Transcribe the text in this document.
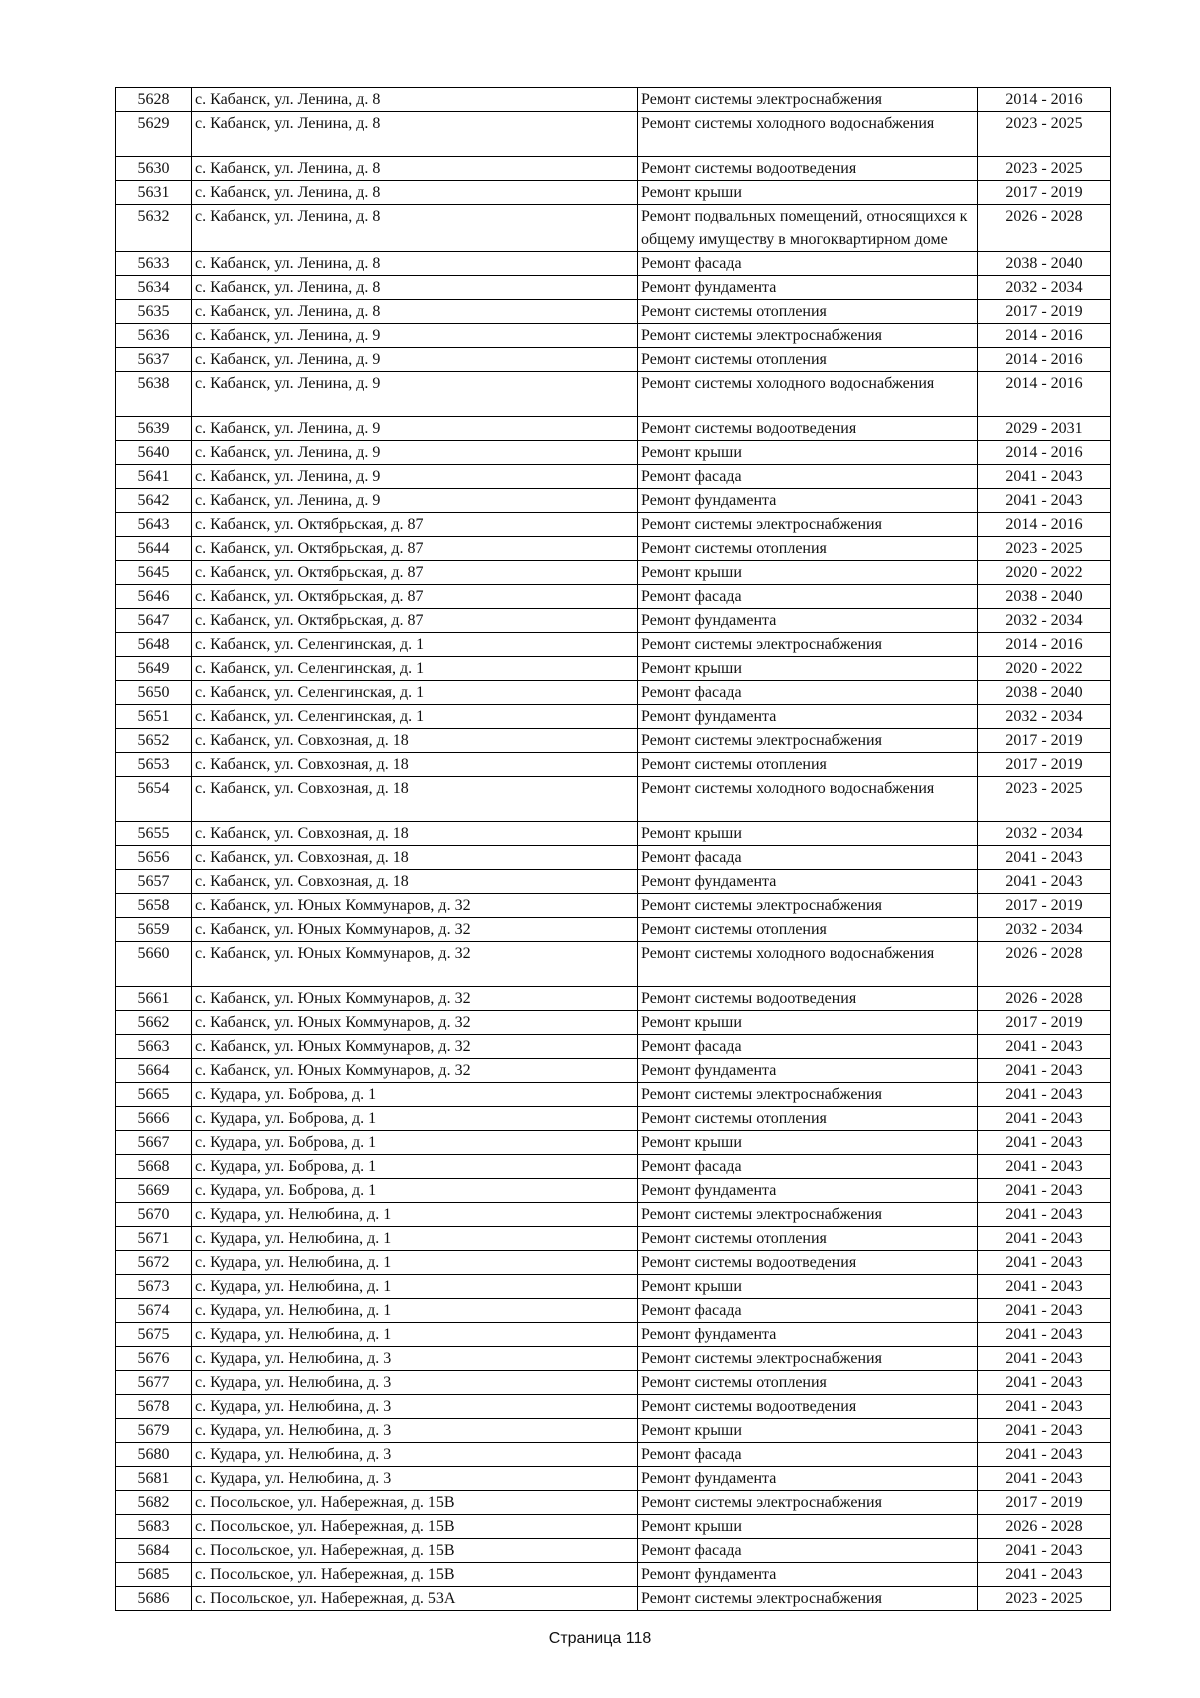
5628	с. Кабанск, ул. Ленина, д. 8	Ремонт системы электроснабжения	2014 - 2016
5629	с. Кабанск, ул. Ленина, д. 8	Ремонт системы холодного водоснабжения	2023 - 2025
5630	с. Кабанск, ул. Ленина, д. 8	Ремонт системы водоотведения	2023 - 2025
5631	с. Кабанск, ул. Ленина, д. 8	Ремонт крыши	2017 - 2019
5632	с. Кабанск, ул. Ленина, д. 8	Ремонт подвальных помещений, относящихся к общему имуществу в многоквартирном доме	2026 - 2028
5633	с. Кабанск, ул. Ленина, д. 8	Ремонт фасада	2038 - 2040
5634	с. Кабанск, ул. Ленина, д. 8	Ремонт фундамента	2032 - 2034
5635	с. Кабанск, ул. Ленина, д. 8	Ремонт системы отопления	2017 - 2019
5636	с. Кабанск, ул. Ленина, д. 9	Ремонт системы электроснабжения	2014 - 2016
5637	с. Кабанск, ул. Ленина, д. 9	Ремонт системы отопления	2014 - 2016
5638	с. Кабанск, ул. Ленина, д. 9	Ремонт системы холодного водоснабжения	2014 - 2016
5639	с. Кабанск, ул. Ленина, д. 9	Ремонт системы водоотведения	2029 - 2031
5640	с. Кабанск, ул. Ленина, д. 9	Ремонт крыши	2014 - 2016
5641	с. Кабанск, ул. Ленина, д. 9	Ремонт фасада	2041 - 2043
5642	с. Кабанск, ул. Ленина, д. 9	Ремонт фундамента	2041 - 2043
5643	с. Кабанск, ул. Октябрьская, д. 87	Ремонт системы электроснабжения	2014 - 2016
5644	с. Кабанск, ул. Октябрьская, д. 87	Ремонт системы отопления	2023 - 2025
5645	с. Кабанск, ул. Октябрьская, д. 87	Ремонт крыши	2020 - 2022
5646	с. Кабанск, ул. Октябрьская, д. 87	Ремонт фасада	2038 - 2040
5647	с. Кабанск, ул. Октябрьская, д. 87	Ремонт фундамента	2032 - 2034
5648	с. Кабанск, ул. Селенгинская, д. 1	Ремонт системы электроснабжения	2014 - 2016
5649	с. Кабанск, ул. Селенгинская, д. 1	Ремонт крыши	2020 - 2022
5650	с. Кабанск, ул. Селенгинская, д. 1	Ремонт фасада	2038 - 2040
5651	с. Кабанск, ул. Селенгинская, д. 1	Ремонт фундамента	2032 - 2034
5652	с. Кабанск, ул. Совхозная, д. 18	Ремонт системы электроснабжения	2017 - 2019
5653	с. Кабанск, ул. Совхозная, д. 18	Ремонт системы отопления	2017 - 2019
5654	с. Кабанск, ул. Совхозная, д. 18	Ремонт системы холодного водоснабжения	2023 - 2025
5655	с. Кабанск, ул. Совхозная, д. 18	Ремонт крыши	2032 - 2034
5656	с. Кабанск, ул. Совхозная, д. 18	Ремонт фасада	2041 - 2043
5657	с. Кабанск, ул. Совхозная, д. 18	Ремонт фундамента	2041 - 2043
5658	с. Кабанск, ул. Юных Коммунаров, д. 32	Ремонт системы электроснабжения	2017 - 2019
5659	с. Кабанск, ул. Юных Коммунаров, д. 32	Ремонт системы отопления	2032 - 2034
5660	с. Кабанск, ул. Юных Коммунаров, д. 32	Ремонт системы холодного водоснабжения	2026 - 2028
5661	с. Кабанск, ул. Юных Коммунаров, д. 32	Ремонт системы водоотведения	2026 - 2028
5662	с. Кабанск, ул. Юных Коммунаров, д. 32	Ремонт крыши	2017 - 2019
5663	с. Кабанск, ул. Юных Коммунаров, д. 32	Ремонт фасада	2041 - 2043
5664	с. Кабанск, ул. Юных Коммунаров, д. 32	Ремонт фундамента	2041 - 2043
5665	с. Кудара, ул. Боброва, д. 1	Ремонт системы электроснабжения	2041 - 2043
5666	с. Кудара, ул. Боброва, д. 1	Ремонт системы отопления	2041 - 2043
5667	с. Кудара, ул. Боброва, д. 1	Ремонт крыши	2041 - 2043
5668	с. Кудара, ул. Боброва, д. 1	Ремонт фасада	2041 - 2043
5669	с. Кудара, ул. Боброва, д. 1	Ремонт фундамента	2041 - 2043
5670	с. Кудара, ул. Нелюбина, д. 1	Ремонт системы электроснабжения	2041 - 2043
5671	с. Кудара, ул. Нелюбина, д. 1	Ремонт системы отопления	2041 - 2043
5672	с. Кудара, ул. Нелюбина, д. 1	Ремонт системы водоотведения	2041 - 2043
5673	с. Кудара, ул. Нелюбина, д. 1	Ремонт крыши	2041 - 2043
5674	с. Кудара, ул. Нелюбина, д. 1	Ремонт фасада	2041 - 2043
5675	с. Кудара, ул. Нелюбина, д. 1	Ремонт фундамента	2041 - 2043
5676	с. Кудара, ул. Нелюбина, д. 3	Ремонт системы электроснабжения	2041 - 2043
5677	с. Кудара, ул. Нелюбина, д. 3	Ремонт системы отопления	2041 - 2043
5678	с. Кудара, ул. Нелюбина, д. 3	Ремонт системы водоотведения	2041 - 2043
5679	с. Кудара, ул. Нелюбина, д. 3	Ремонт крыши	2041 - 2043
5680	с. Кудара, ул. Нелюбина, д. 3	Ремонт фасада	2041 - 2043
5681	с. Кудара, ул. Нелюбина, д. 3	Ремонт фундамента	2041 - 2043
5682	с. Посольское, ул. Набережная, д. 15В	Ремонт системы электроснабжения	2017 - 2019
5683	с. Посольское, ул. Набережная, д. 15В	Ремонт крыши	2026 - 2028
5684	с. Посольское, ул. Набережная, д. 15В	Ремонт фасада	2041 - 2043
5685	с. Посольское, ул. Набережная, д. 15В	Ремонт фундамента	2041 - 2043
5686	с. Посольское, ул. Набережная, д. 53А	Ремонт системы электроснабжения	2023 - 2025
Страница 118
